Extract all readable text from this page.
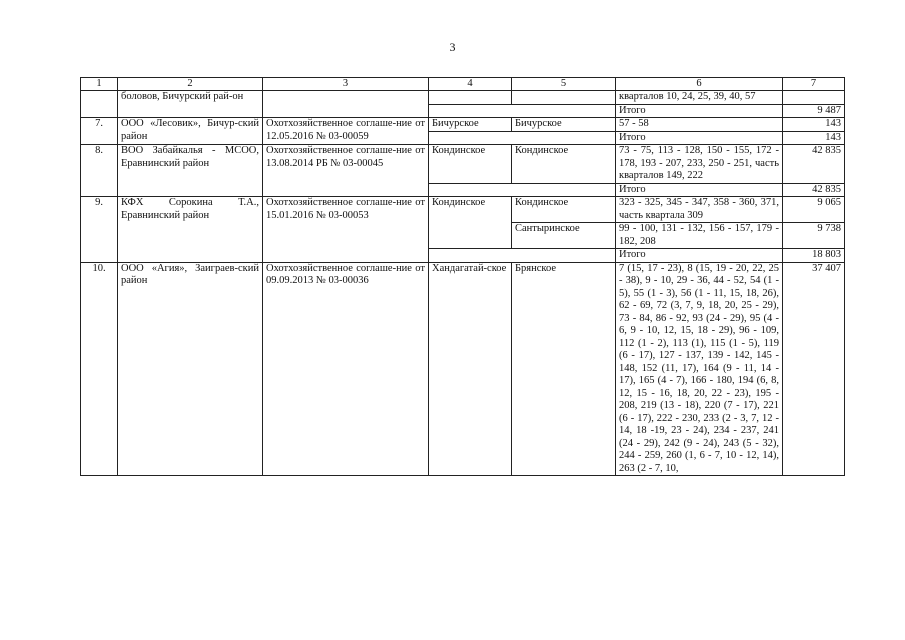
3
1	2	3	4	5	6	7
	боловов, Бичурский рай-он				кварталов 10, 24, 25, 39, 40, 57	
					Итого	9 487
7.	ООО «Лесовик», Бичур-ский район	Охотхозяйственное соглаше-ние от 12.05.2016 № 03-00059	Бичурское	Бичурское	57 - 58	143
					Итого	143
8.	ВОО Забайкалья - МСОО, Еравнинский район	Охотхозяйственное соглаше-ние от 13.08.2014 РБ № 03-00045	Кондинское	Кондинское	73 - 75, 113 - 128, 150 - 155, 172 - 178, 193 - 207, 233, 250 - 251, часть кварталов 149, 222	42 835
					Итого	42 835
9.	КФХ Сорокина Т.А., Еравнинский район	Охотхозяйственное соглаше-ние от 15.01.2016 № 03-00053	Кондинское	Кондинское	323 - 325, 345 - 347, 358 - 360, 371, часть квартала 309	9 065
				Сантыринское	99 - 100, 131 - 132, 156 - 157, 179 - 182, 208	9 738
					Итого	18 803
10.	ООО «Агия», Заиграев-ский район	Охотхозяйственное соглаше-ние от 09.09.2013 № 03-00036	Хандагатай-ское	Брянское	7 (15, 17 - 23), 8 (15, 19 - 20, 22, 25 - 38), 9 - 10, 29 - 36, 44 - 52, 54 (1 - 5), 55 (1 - 3), 56 (1 - 11, 15, 18, 26), 62 - 69, 72 (3, 7, 9, 18, 20, 25 - 29), 73 - 84, 86 - 92, 93 (24 - 29), 95 (4 - 6, 9 - 10, 12, 15, 18 - 29), 96 - 109, 112 (1 - 2), 113 (1), 115 (1 - 5), 119 (6 - 17), 127 - 137, 139 - 142, 145 - 148, 152 (11, 17), 164 (9 - 11, 14 - 17), 165 (4 - 7), 166 - 180, 194 (6, 8, 12, 15 - 16, 18, 20, 22 - 23), 195 - 208, 219 (13 - 18), 220 (7 - 17), 221 (6 - 17), 222 - 230, 233 (2 - 3, 7, 12 - 14, 18 -19, 23 - 24), 234 - 237, 241 (24 - 29), 242 (9 - 24), 243 (5 - 32), 244 - 259, 260 (1, 6 - 7, 10 - 12, 14), 263 (2 - 7, 10,	37 407
